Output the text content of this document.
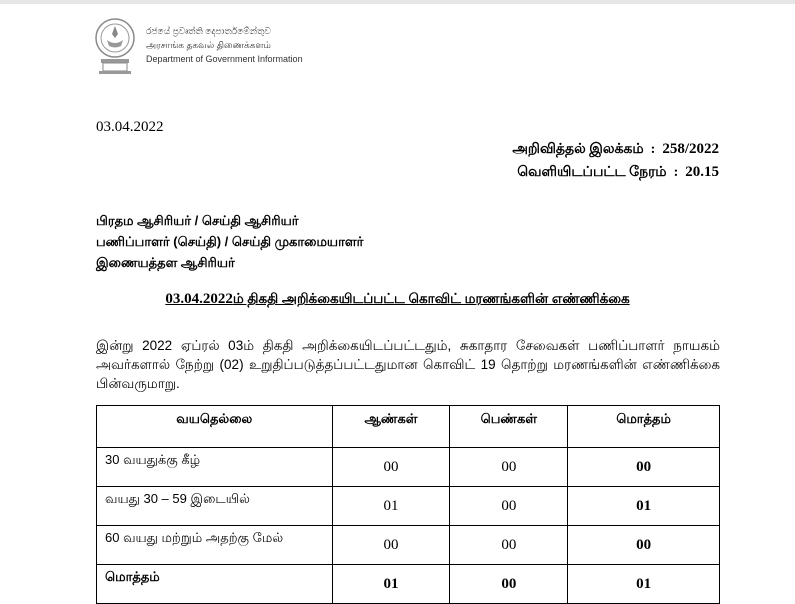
රජයේ ප්‍රවෘත්ති දෙපාර්තමේන්තුව
அரசாங்க தகவல் திணைக்களம்
Department of Government Information
03.04.2022
அறிவித்தல் இலக்கம்  :  258/2022
வெளியிடப்பட்ட நேரம்  :  20.15
பிரதம ஆசிரியர் / செய்தி ஆசிரியர்
பணிப்பாளர் (செய்தி) / செய்தி முகாமையாளர்
இணையத்தள ஆசிரியர்
03.04.2022ம் திகதி அறிக்கையிடப்பட்ட கொவிட் மரணங்களின் எண்ணிக்கை
இன்று 2022 ஏப்ரல் 03ம் திகதி அறிக்கையிடப்பட்டதும், சுகாதார சேவைகள் பணிப்பாளர் நாயகம் அவர்களால் நேற்று (02) உறுதிப்படுத்தப்பட்டதுமான கொவிட் 19 தொற்று மரணங்களின் எண்ணிக்கை பின்வருமாறு.
வயதெல்லை	ஆண்கள்	பெண்கள்	மொத்தம்
30 வயதுக்கு கீழ்	00	00	00
வயது 30 – 59 இடையில்	01	00	01
60 வயது மற்றும் அதற்கு மேல்	00	00	00
மொத்தம்	01	00	01
